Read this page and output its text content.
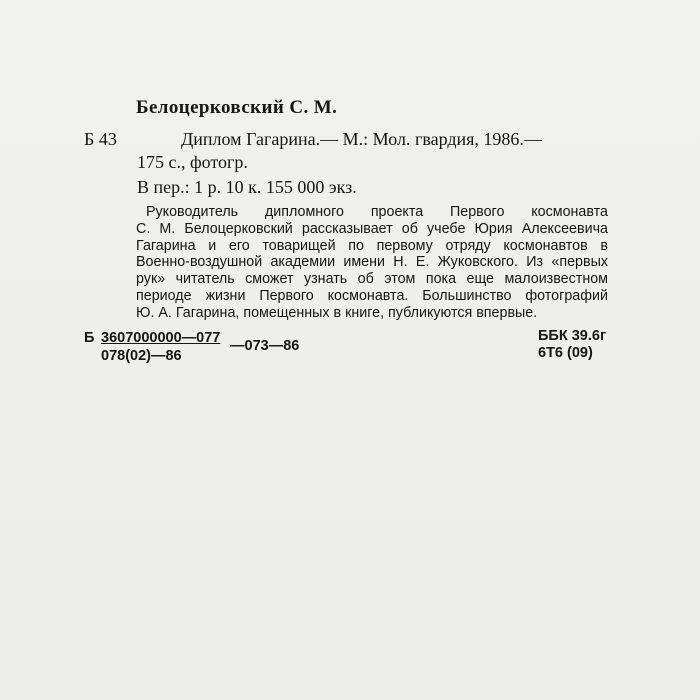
Белоцерковский С. М.
Б 43	Диплом Гагарина.— М.: Мол. гвардия, 1986.—
175 с., фотогр.
В пер.: 1 р. 10 к. 155 000 экз.

Руководитель дипломного проекта Первого космонавта

С. М. Белоцерковский рассказывает об учебе Юрия Алексеевича

Гагарина и его товарищей по первому отряду космонавтов в

Военно-воздушной академии имени Н. Е. Жуковского. Из «первых

рук» читатель сможет узнать об этом пока еще малоизвестном

периоде жизни Первого космонавта. Большинство фотографий

Ю. А. Гагарина, помещенных в книге, публикуются впервые.

Б 3607000000—077 —073—86
078(02)—86
ББК 39.6г
6Т6 (09)
